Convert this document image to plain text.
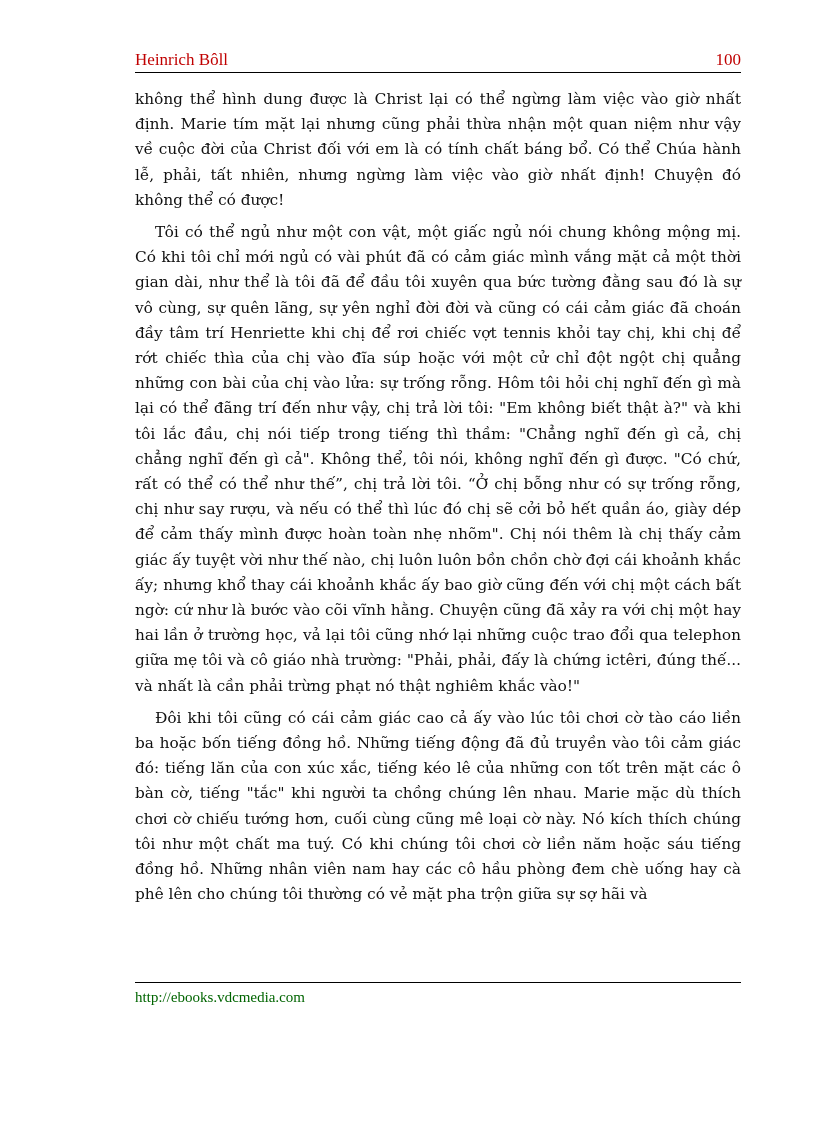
Heinrich Bôll	100

không thể hình dung được là Christ lại có thể ngừng làm việc vào giờ nhất định. Marie tím mặt lại nhưng cũng phải thừa nhận một quan niệm như vậy về cuộc đời của Christ đối với em là có tính chất báng bổ. Có thể Chúa hành lễ, phải, tất nhiên, nhưng ngừng làm việc vào giờ nhất định! Chuyện đó không thể có được!

Tôi có thể ngủ như một con vật, một giấc ngủ nói chung không mộng mị. Có khi tôi chỉ mới ngủ có vài phút đã có cảm giác mình vắng mặt cả một thời gian dài, như thể là tôi đã để đầu tôi xuyên qua bức tường đằng sau đó là sự vô cùng, sự quên lãng, sự yên nghỉ đời đời và cũng có cái cảm giác đã choán đầy tâm trí Henriette khi chị để rơi chiếc vợt tennis khỏi tay chị, khi chị để rớt chiếc thìa của chị vào đĩa súp hoặc với một cử chỉ đột ngột chị quẳng những con bài của chị vào lửa: sự trống rỗng. Hôm tôi hỏi chị nghĩ đến gì mà lại có thể đãng trí đến như vậy, chị trả lời tôi: "Em không biết thật à?" và khi tôi lắc đầu, chị nói tiếp trong tiếng thì thầm: "Chẳng nghĩ đến gì cả, chị chẳng nghĩ đến gì cả". Không thể, tôi nói, không nghĩ đến gì được. "Có chứ, rất có thể có thể như thế”, chị trả lời tôi. “Ở chị bỗng như có sự trống rỗng, chị như say rượu, và nếu có thể thì lúc đó chị sẽ cởi bỏ hết quần áo, giày dép để cảm thấy mình được hoàn toàn nhẹ nhõm". Chị nói thêm là chị thấy cảm giác ấy tuyệt vời như thế nào, chị luôn luôn bồn chồn chờ đợi cái khoảnh khắc ấy; nhưng khổ thay cái khoảnh khắc ấy bao giờ cũng đến với chị một cách bất ngờ: cứ như là bước vào cõi vĩnh hằng. Chuyện cũng đã xảy ra với chị một hay hai lần ở trường học, vả lại tôi cũng nhớ lại những cuộc trao đổi qua telephon giữa mẹ tôi và cô giáo nhà trường: "Phải, phải, đấy là chứng ictêri, đúng thế... và nhất là cần phải trừng phạt nó thật nghiêm khắc vào!"

Đôi khi tôi cũng có cái cảm giác cao cả ấy vào lúc tôi chơi cờ tào cáo liền ba hoặc bốn tiếng đồng hồ. Những tiếng động đã đủ truyền vào tôi cảm giác đó: tiếng lăn của con xúc xắc, tiếng kéo lê của những con tốt trên mặt các ô bàn cờ, tiếng "tắc" khi người ta chồng chúng lên nhau. Marie mặc dù thích chơi cờ chiếu tướng hơn, cuối cùng cũng mê loại cờ này. Nó kích thích chúng tôi như một chất ma tuý. Có khi chúng tôi chơi cờ liền năm hoặc sáu tiếng đồng hồ. Những nhân viên nam hay các cô hầu phòng đem chè uống hay cà phê lên cho chúng tôi thường có vẻ mặt pha trộn giữa sự sợ hãi và

http://ebooks.vdcmedia.com
